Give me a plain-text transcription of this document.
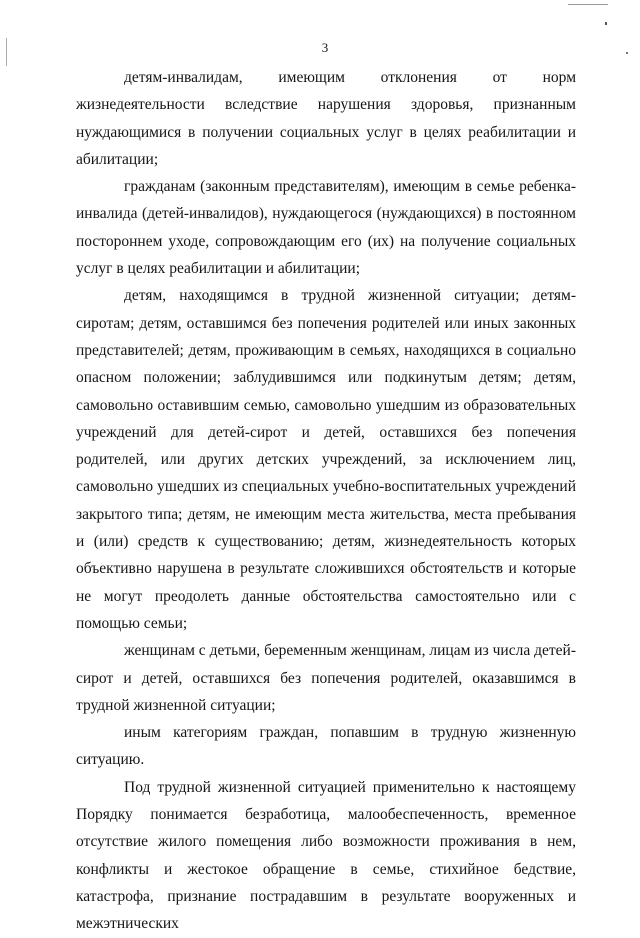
3

детям-инвалидам, имеющим отклонения от норм жизнедеятельности вследствие нарушения здоровья, признанным нуждающимися в получении социальных услуг в целях реабилитации и абилитации;

гражданам (законным представителям), имеющим в семье ребенка-инвалида (детей-инвалидов), нуждающегося (нуждающихся) в постоянном постороннем уходе, сопровождающим его (их) на получение социальных услуг в целях реабилитации и абилитации;

детям, находящимся в трудной жизненной ситуации; детям-сиротам; детям, оставшимся без попечения родителей или иных законных представителей; детям, проживающим в семьях, находящихся в социально опасном положении; заблудившимся или подкинутым детям; детям, самовольно оставившим семью, самовольно ушедшим из образовательных учреждений для детей-сирот и детей, оставшихся без попечения родителей, или других детских учреждений, за исключением лиц, самовольно ушедших из специальных учебно-воспитательных учреждений закрытого типа; детям, не имеющим места жительства, места пребывания и (или) средств к существованию; детям, жизнедеятельность которых объективно нарушена в результате сложившихся обстоятельств и которые не могут преодолеть данные обстоятельства самостоятельно или с помощью семьи;

женщинам с детьми, беременным женщинам, лицам из числа детей-сирот и детей, оставшихся без попечения родителей, оказавшимся в трудной жизненной ситуации;

иным категориям граждан, попавшим в трудную жизненную ситуацию.

Под трудной жизненной ситуацией применительно к настоящему Порядку понимается безработица, малообеспеченность, временное отсутствие жилого помещения либо возможности проживания в нем, конфликты и жестокое обращение в семье, стихийное бедствие, катастрофа, признание пострадавшим в результате вооруженных и межэтнических
